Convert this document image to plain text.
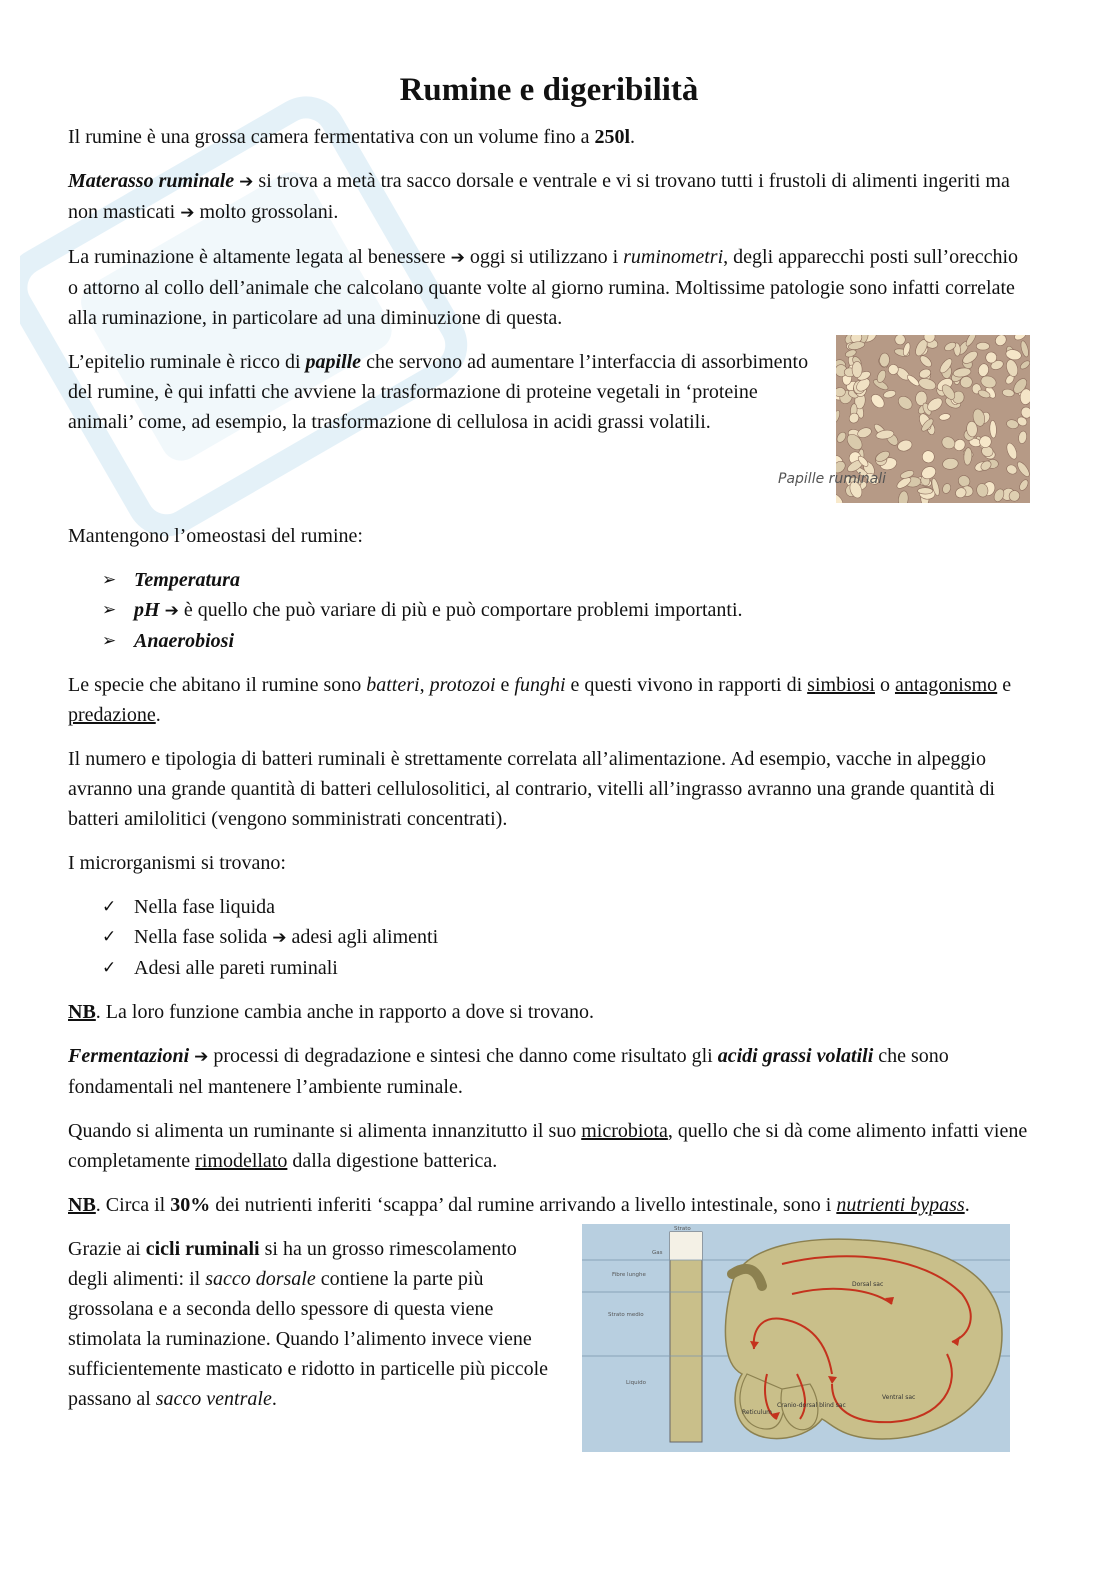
Rumine e digeribilità

Il rumine è una grossa camera fermentativa con un volume fino a 250l.

Materasso ruminale ➔ si trova a metà tra sacco dorsale e ventrale e vi si trovano tutti i frustoli di alimenti ingeriti ma non masticati ➔ molto grossolani.

La ruminazione è altamente legata al benessere ➔ oggi si utilizzano i ruminometri, degli apparecchi posti sull’orecchio o attorno al collo dell’animale che calcolano quante volte al giorno rumina. Moltissime patologie sono infatti correlate alla ruminazione, in particolare ad una diminuzione di questa.

L’epitelio ruminale è ricco di papille che servono ad aumentare l’interfaccia di assorbimento del rumine, è qui infatti che avviene la trasformazione di proteine vegetali in ‘proteine animali’ come, ad esempio, la trasformazione di cellulosa in acidi grassi volatili.

Papille ruminali

Mantengono l’omeostasi del rumine:

➢ Temperatura
➢ pH ➔ è quello che può variare di più e può comportare problemi importanti.
➢ Anaerobiosi

Le specie che abitano il rumine sono batteri, protozoi e funghi e questi vivono in rapporti di simbiosi o antagonismo e predazione.

Il numero e tipologia di batteri ruminali è strettamente correlata all’alimentazione. Ad esempio, vacche in alpeggio avranno una grande quantità di batteri cellulosolitici, al contrario, vitelli all’ingrasso avranno una grande quantità di batteri amilolitici (vengono somministrati concentrati).

I microrganismi si trovano:

✓ Nella fase liquida
✓ Nella fase solida ➔ adesi agli alimenti
✓ Adesi alle pareti ruminali

NB. La loro funzione cambia anche in rapporto a dove si trovano.

Fermentazioni ➔ processi di degradazione e sintesi che danno come risultato gli acidi grassi volatili che sono fondamentali nel mantenere l’ambiente ruminale.

Quando si alimenta un ruminante si alimenta innanzitutto il suo microbiota, quello che si dà come alimento infatti viene completamente rimodellato dalla digestione batterica.

NB. Circa il 30% dei nutrienti inferiti ‘scappa’ dal rumine arrivando a livello intestinale, sono i nutrienti bypass.

Grazie ai cicli ruminali si ha un grosso rimescolamento degli alimenti: il sacco dorsale contiene la parte più grossolana e a seconda dello spessore di questa viene stimolata la ruminazione. Quando l’alimento invece viene sufficientemente masticato e ridotto in particelle più piccole passano al sacco ventrale.

Strato
Gas
Fibre lunghe
Strato medio
Liquido
Dorsal sac
Ventral sac
Reticulum
Cranio-dorsal blind sac
